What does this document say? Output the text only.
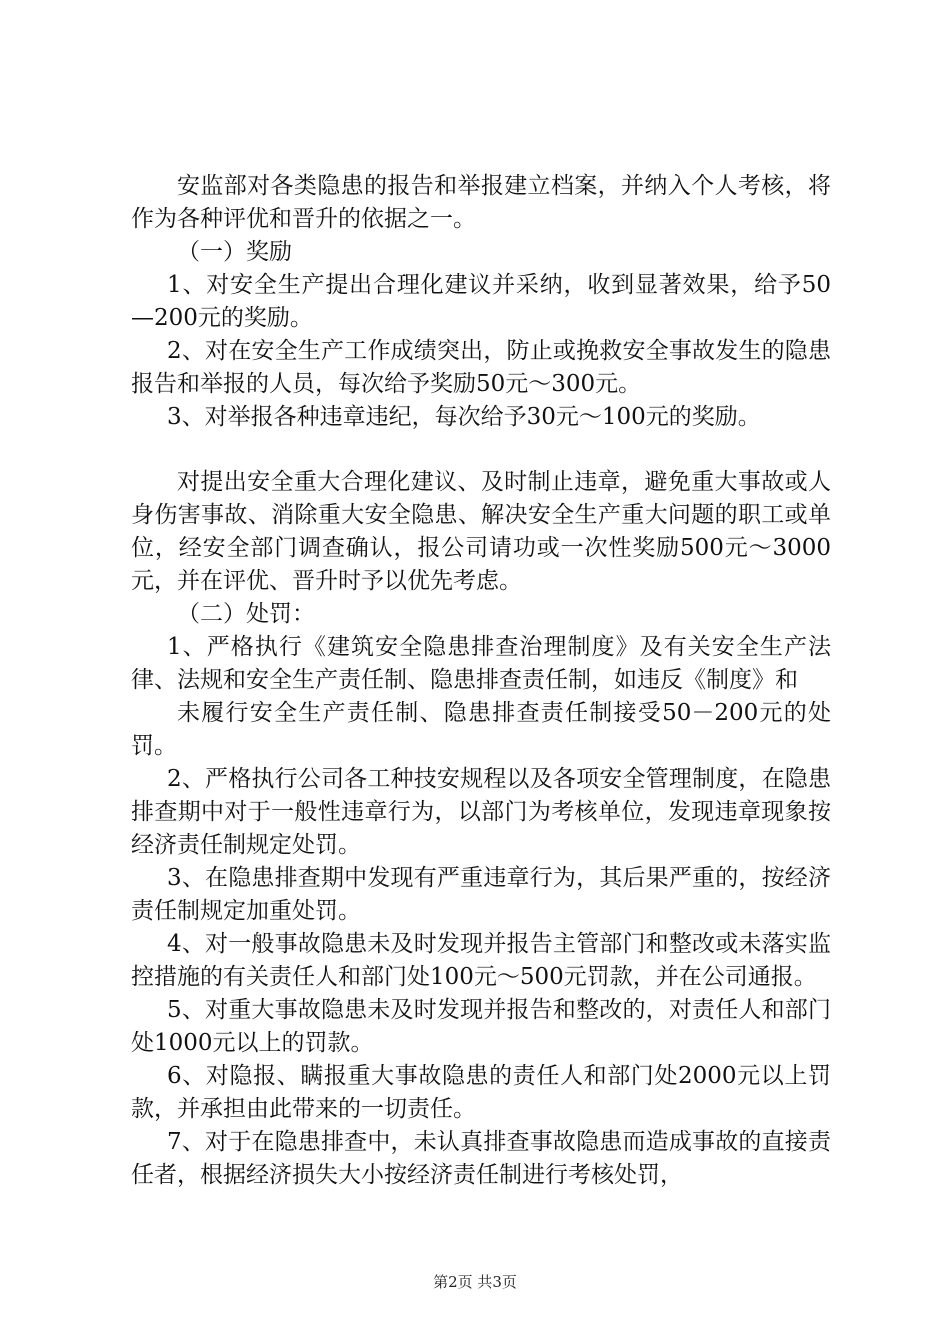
安监部对各类隐患的报告和举报建立档案，并纳入个人考核，将作为各种评优和晋升的依据之一。

（一）奖励

1、对安全生产提出合理化建议并采纳，收到显著效果，给予50—200元的奖励。

2、对在安全生产工作成绩突出，防止或挽救安全事故发生的隐患报告和举报的人员，每次给予奖励50元～300元。

3、对举报各种违章违纪，每次给予30元～100元的奖励。

对提出安全重大合理化建议、及时制止违章，避免重大事故或人身伤害事故、消除重大安全隐患、解决安全生产重大问题的职工或单位，经安全部门调查确认，报公司请功或一次性奖励500元～3000元，并在评优、晋升时予以优先考虑。

（二）处罚：

1、严格执行《建筑安全隐患排查治理制度》及有关安全生产法律、法规和安全生产责任制、隐患排查责任制，如违反《制度》和

未履行安全生产责任制、隐患排查责任制接受50－200元的处罚。

2、严格执行公司各工种技安规程以及各项安全管理制度，在隐患排查期中对于一般性违章行为，以部门为考核单位，发现违章现象按经济责任制规定处罚。

3、在隐患排查期中发现有严重违章行为，其后果严重的，按经济责任制规定加重处罚。

4、对一般事故隐患未及时发现并报告主管部门和整改或未落实监控措施的有关责任人和部门处100元～500元罚款，并在公司通报。

5、对重大事故隐患未及时发现并报告和整改的，对责任人和部门处1000元以上的罚款。

6、对隐报、瞒报重大事故隐患的责任人和部门处2000元以上罚款，并承担由此带来的一切责任。

7、对于在隐患排查中，未认真排查事故隐患而造成事故的直接责任者，根据经济损失大小按经济责任制进行考核处罚，

第2页 共3页
